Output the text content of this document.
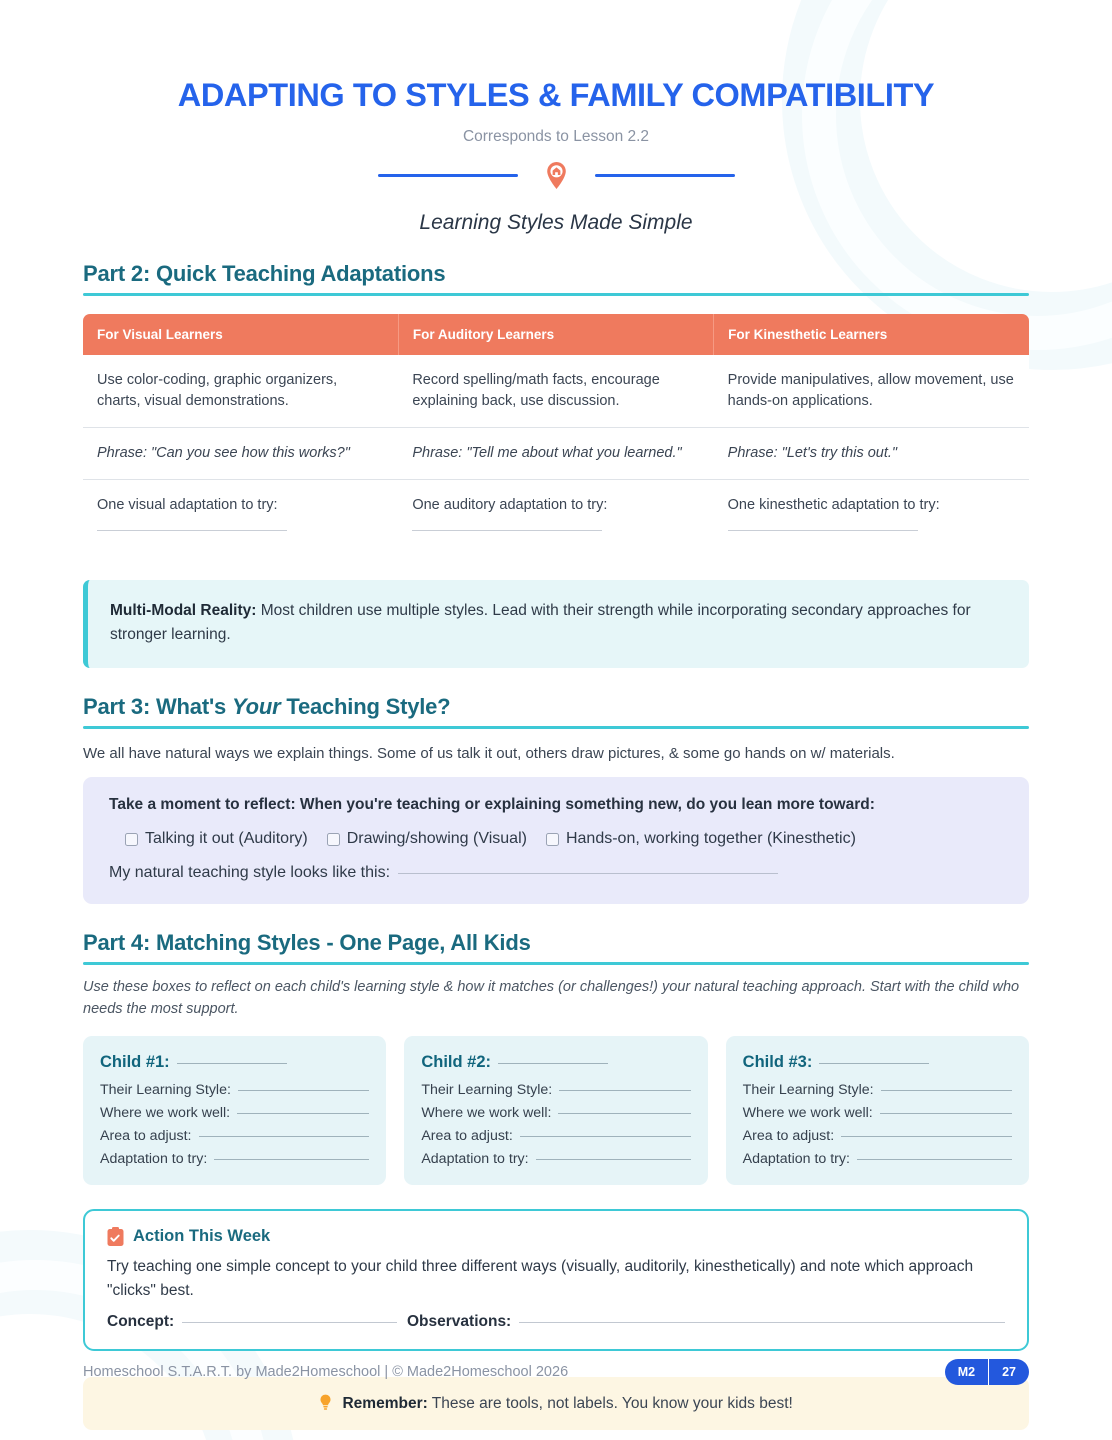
ADAPTING TO STYLES & FAMILY COMPATIBILITY
Corresponds to Lesson 2.2
Learning Styles Made Simple
Part 2: Quick Teaching Adaptations
For Visual Learners	For Auditory Learners	For Kinesthetic Learners
Use color-coding, graphic organizers, charts, visual demonstrations.	Record spelling/math facts, encourage explaining back, use discussion.	Provide manipulatives, allow movement, use hands-on applications.
Phrase: "Can you see how this works?"	Phrase: "Tell me about what you learned."	Phrase: "Let's try this out."
One visual adaptation to try:	One auditory adaptation to try:	One kinesthetic adaptation to try:
Multi-Modal Reality: Most children use multiple styles. Lead with their strength while incorporating secondary approaches for stronger learning.
Part 3: What's Your Teaching Style?

We all have natural ways we explain things. Some of us talk it out, others draw pictures, & some go hands on w/ materials.

Take a moment to reflect: When you're teaching or explaining something new, do you lean more toward:
Talking it out (Auditory) Drawing/showing (Visual) Hands-on, working together (Kinesthetic)
My natural teaching style looks like this:
Part 4: Matching Styles - One Page, All Kids

Use these boxes to reflect on each child's learning style & how it matches (or challenges!) your natural teaching approach. Start with the child who needs the most support.

Child #1:
Their Learning Style:
Where we work well:
Area to adjust:
Adaptation to try:
Child #2:
Their Learning Style:
Where we work well:
Area to adjust:
Adaptation to try:
Child #3:
Their Learning Style:
Where we work well:
Area to adjust:
Adaptation to try:
Action This Week
Try teaching one simple concept to your child three different ways (visually, auditorily, kinesthetically) and note which approach "clicks" best.
Concept:	Observations:
Remember: These are tools, not labels. You know your kids best!
Homeschool S.T.A.R.T. by Made2Homeschool | © Made2Homeschool 2026	M2	27
